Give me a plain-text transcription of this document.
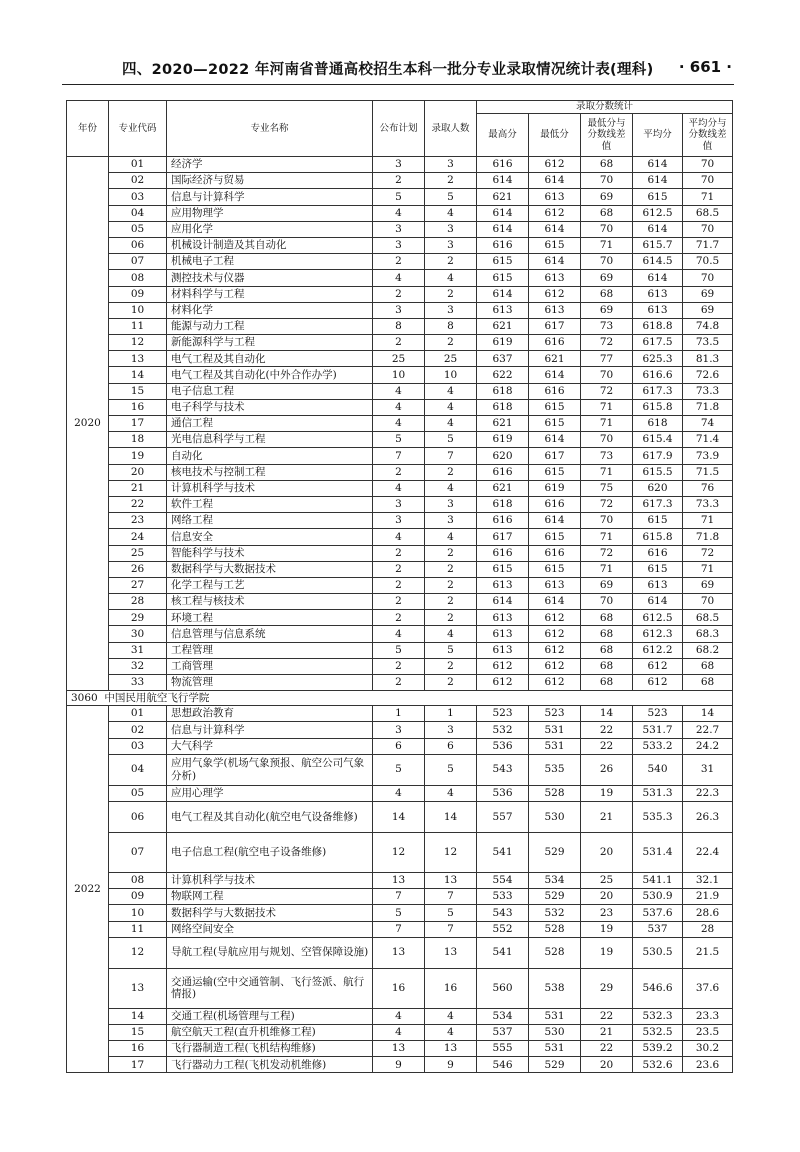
四、2020—2022 年河南省普通高校招生本科一批分专业录取情况统计表(理科) · 661 ·
年份	专业代码	专业名称	公布计划	录取人数	录取分数统计				
					最高分	最低分	最低分与分数线差值	平均分	平均分与分数线差值
2020	01	经济学	3	3	616	612	68	614	70
	02	国际经济与贸易	2	2	614	614	70	614	70
	03	信息与计算科学	5	5	621	613	69	615	71
	04	应用物理学	4	4	614	612	68	612.5	68.5
	05	应用化学	3	3	614	614	70	614	70
	06	机械设计制造及其自动化	3	3	616	615	71	615.7	71.7
	07	机械电子工程	2	2	615	614	70	614.5	70.5
	08	测控技术与仪器	4	4	615	613	69	614	70
	09	材料科学与工程	2	2	614	612	68	613	69
	10	材料化学	3	3	613	613	69	613	69
	11	能源与动力工程	8	8	621	617	73	618.8	74.8
	12	新能源科学与工程	2	2	619	616	72	617.5	73.5
	13	电气工程及其自动化	25	25	637	621	77	625.3	81.3
	14	电气工程及其自动化(中外合作办学)	10	10	622	614	70	616.6	72.6
	15	电子信息工程	4	4	618	616	72	617.3	73.3
	16	电子科学与技术	4	4	618	615	71	615.8	71.8
	17	通信工程	4	4	621	615	71	618	74
	18	光电信息科学与工程	5	5	619	614	70	615.4	71.4
	19	自动化	7	7	620	617	73	617.9	73.9
	20	核电技术与控制工程	2	2	616	615	71	615.5	71.5
	21	计算机科学与技术	4	4	621	619	75	620	76
	22	软件工程	3	3	618	616	72	617.3	73.3
	23	网络工程	3	3	616	614	70	615	71
	24	信息安全	4	4	617	615	71	615.8	71.8
	25	智能科学与技术	2	2	616	616	72	616	72
	26	数据科学与大数据技术	2	2	615	615	71	615	71
	27	化学工程与工艺	2	2	613	613	69	613	69
	28	核工程与核技术	2	2	614	614	70	614	70
	29	环境工程	2	2	613	612	68	612.5	68.5
	30	信息管理与信息系统	4	4	613	612	68	612.3	68.3
	31	工程管理	5	5	613	612	68	612.2	68.2
	32	工商管理	2	2	612	612	68	612	68
	33	物流管理	2	2	612	612	68	612	68
3060 中国民用航空飞行学院									
2022	01	思想政治教育	1	1	523	523	14	523	14
	02	信息与计算科学	3	3	532	531	22	531.7	22.7
	03	大气科学	6	6	536	531	22	533.2	24.2
	04	应用气象学(机场气象预报、航空公司气象分析)	5	5	543	535	26	540	31
	05	应用心理学	4	4	536	528	19	531.3	22.3
	06	电气工程及其自动化(航空电气设备维修)	14	14	557	530	21	535.3	26.3
	07	电子信息工程(航空电子设备维修)	12	12	541	529	20	531.4	22.4
	08	计算机科学与技术	13	13	554	534	25	541.1	32.1
	09	物联网工程	7	7	533	529	20	530.9	21.9
	10	数据科学与大数据技术	5	5	543	532	23	537.6	28.6
	11	网络空间安全	7	7	552	528	19	537	28
	12	导航工程(导航应用与规划、空管保障设施)	13	13	541	528	19	530.5	21.5
	13	交通运输(空中交通管制、飞行签派、航行情报)	16	16	560	538	29	546.6	37.6
	14	交通工程(机场管理与工程)	4	4	534	531	22	532.3	23.3
	15	航空航天工程(直升机维修工程)	4	4	537	530	21	532.5	23.5
	16	飞行器制造工程(飞机结构维修)	13	13	555	531	22	539.2	30.2
	17	飞行器动力工程(飞机发动机维修)	9	9	546	529	20	532.6	23.6
